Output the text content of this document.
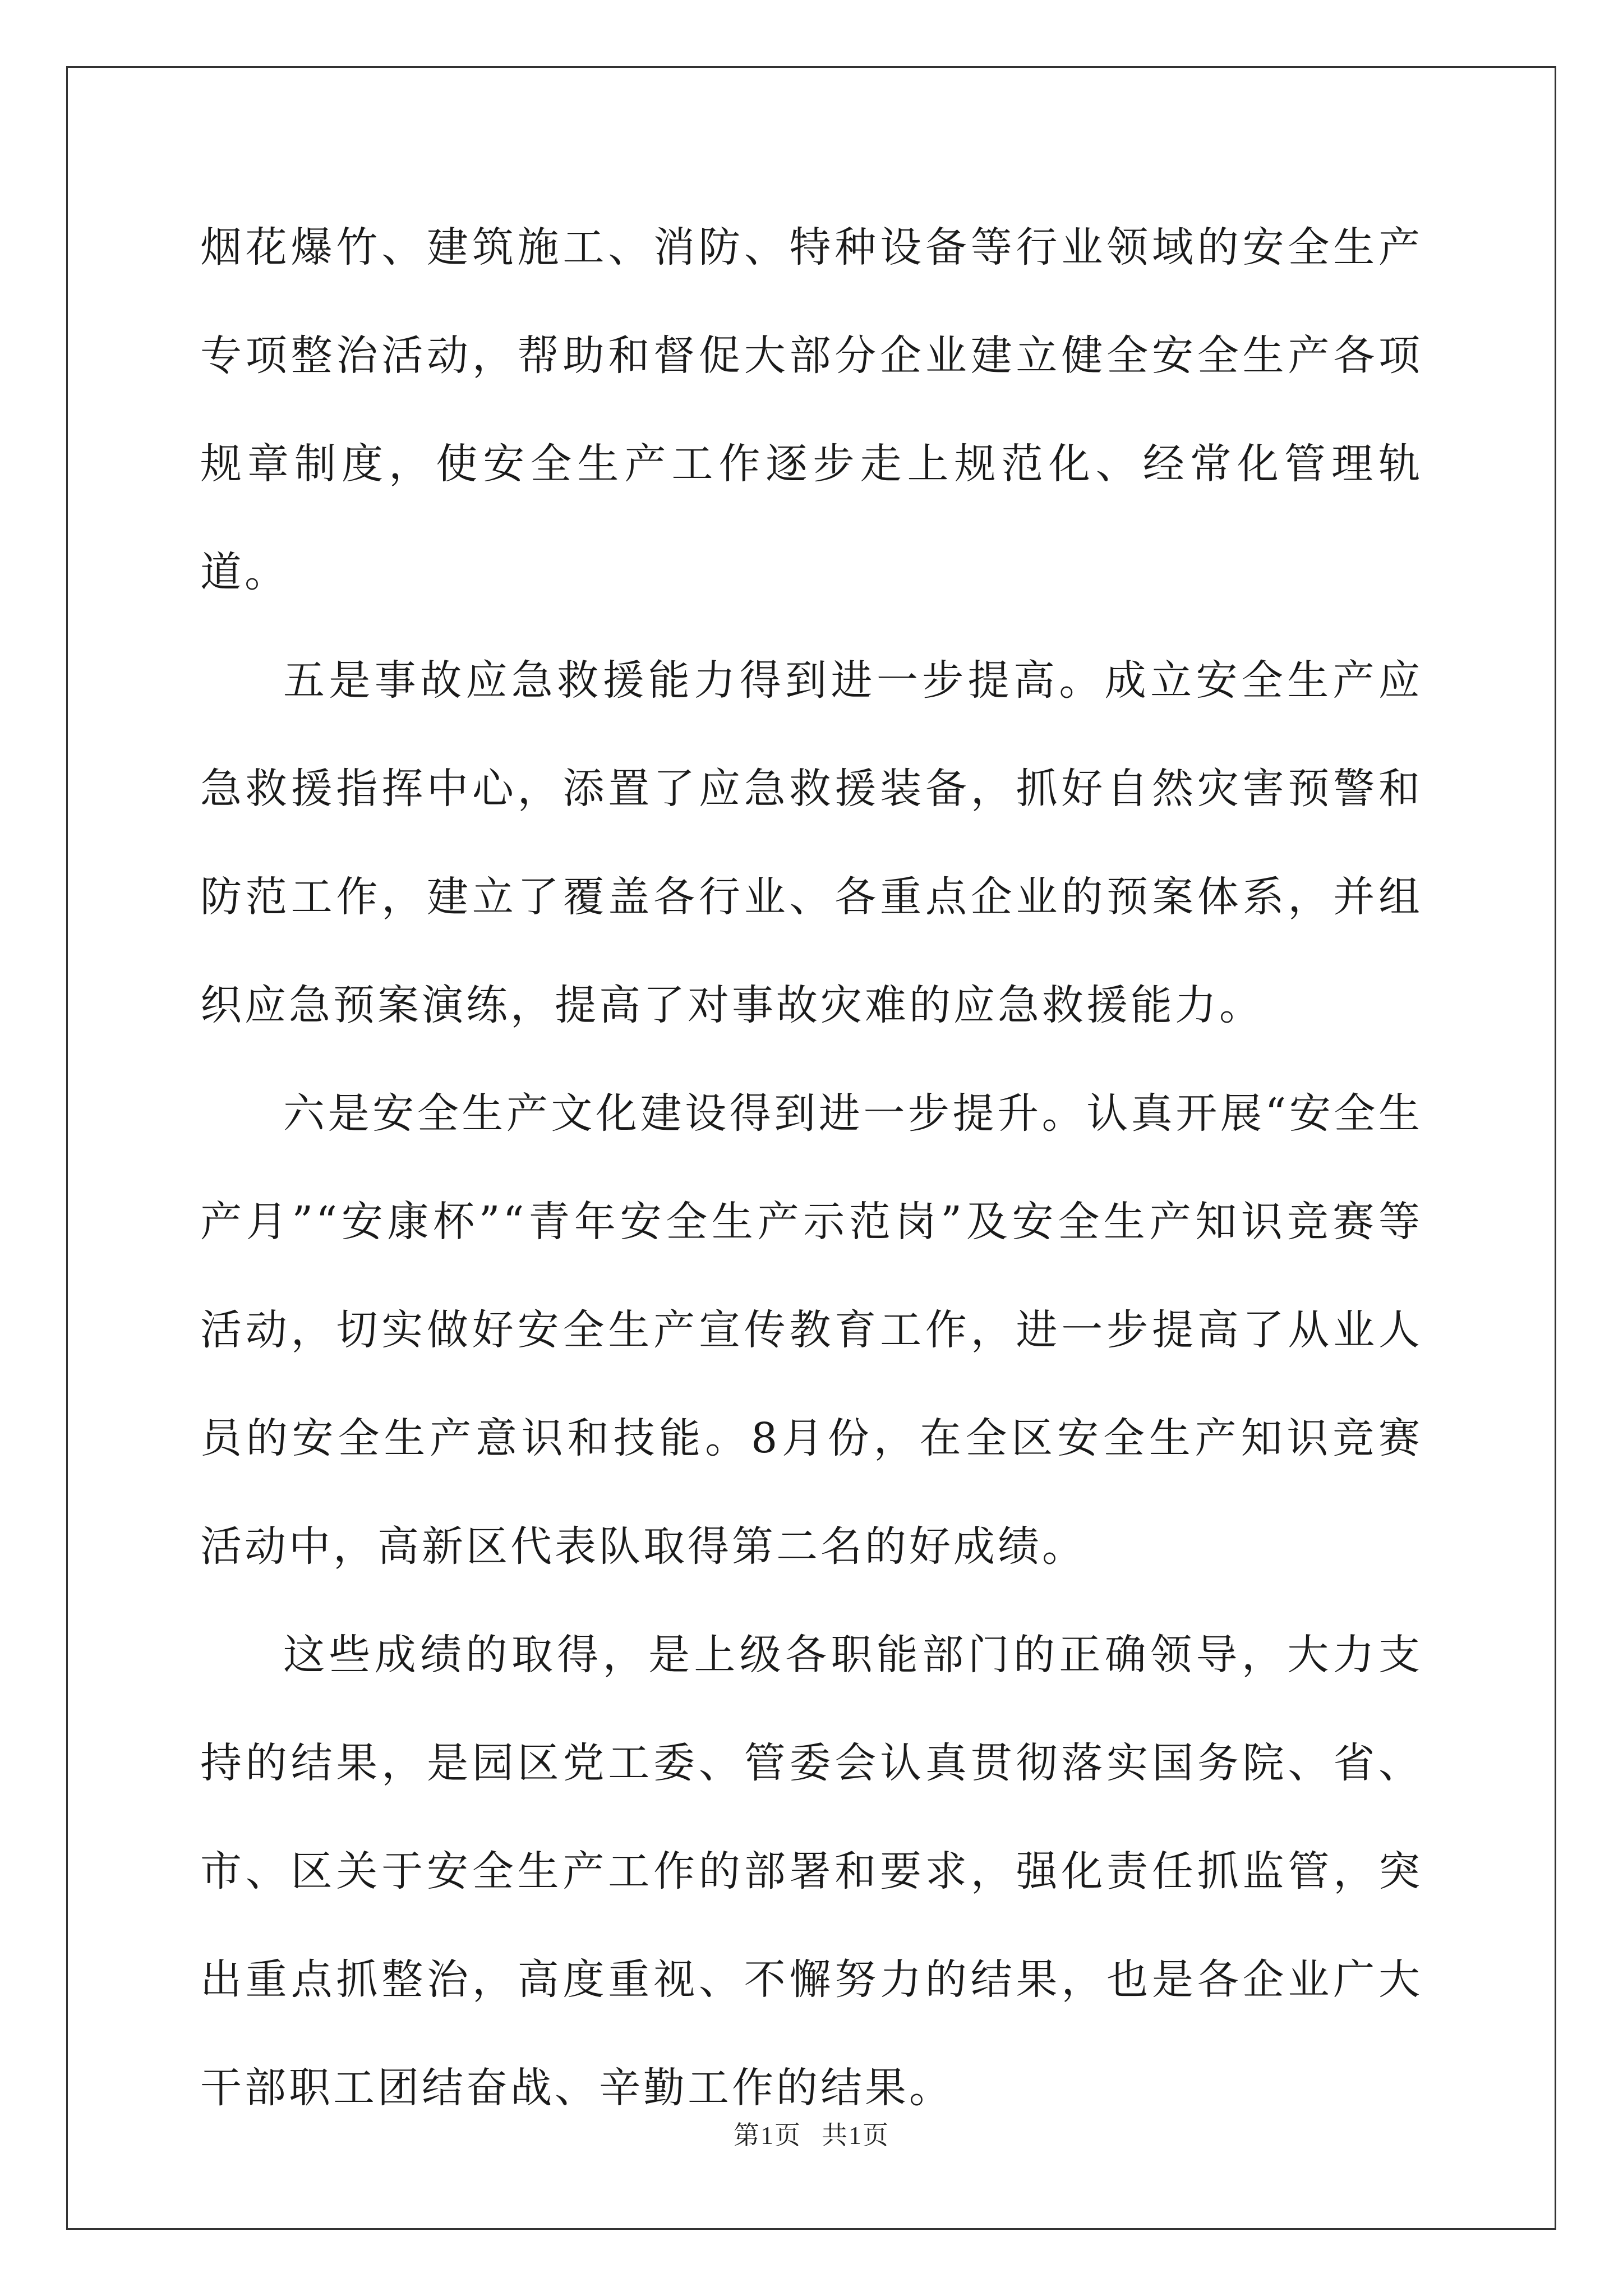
烟花爆竹、建筑施工、消防、特种设备等行业领域的安全生产专项整治活动，帮助和督促大部分企业建立健全安全生产各项规章制度，使安全生产工作逐步走上规范化、经常化管理轨道。

五是事故应急救援能力得到进一步提高。成立安全生产应急救援指挥中心，添置了应急救援装备，抓好自然灾害预警和防范工作，建立了覆盖各行业、各重点企业的预案体系，并组织应急预案演练，提高了对事故灾难的应急救援能力。

六是安全生产文化建设得到进一步提升。认真开展“安全生产月”“安康杯”“青年安全生产示范岗”及安全生产知识竞赛等活动，切实做好安全生产宣传教育工作，进一步提高了从业人员的安全生产意识和技能。8月份，在全区安全生产知识竞赛活动中，高新区代表队取得第二名的好成绩。

这些成绩的取得，是上级各职能部门的正确领导，大力支持的结果，是园区党工委、管委会认真贯彻落实国务院、省、市、区关于安全生产工作的部署和要求，强化责任抓监管，突出重点抓整治，高度重视、不懈努力的结果，也是各企业广大干部职工团结奋战、辛勤工作的结果。

第1页 共1页
